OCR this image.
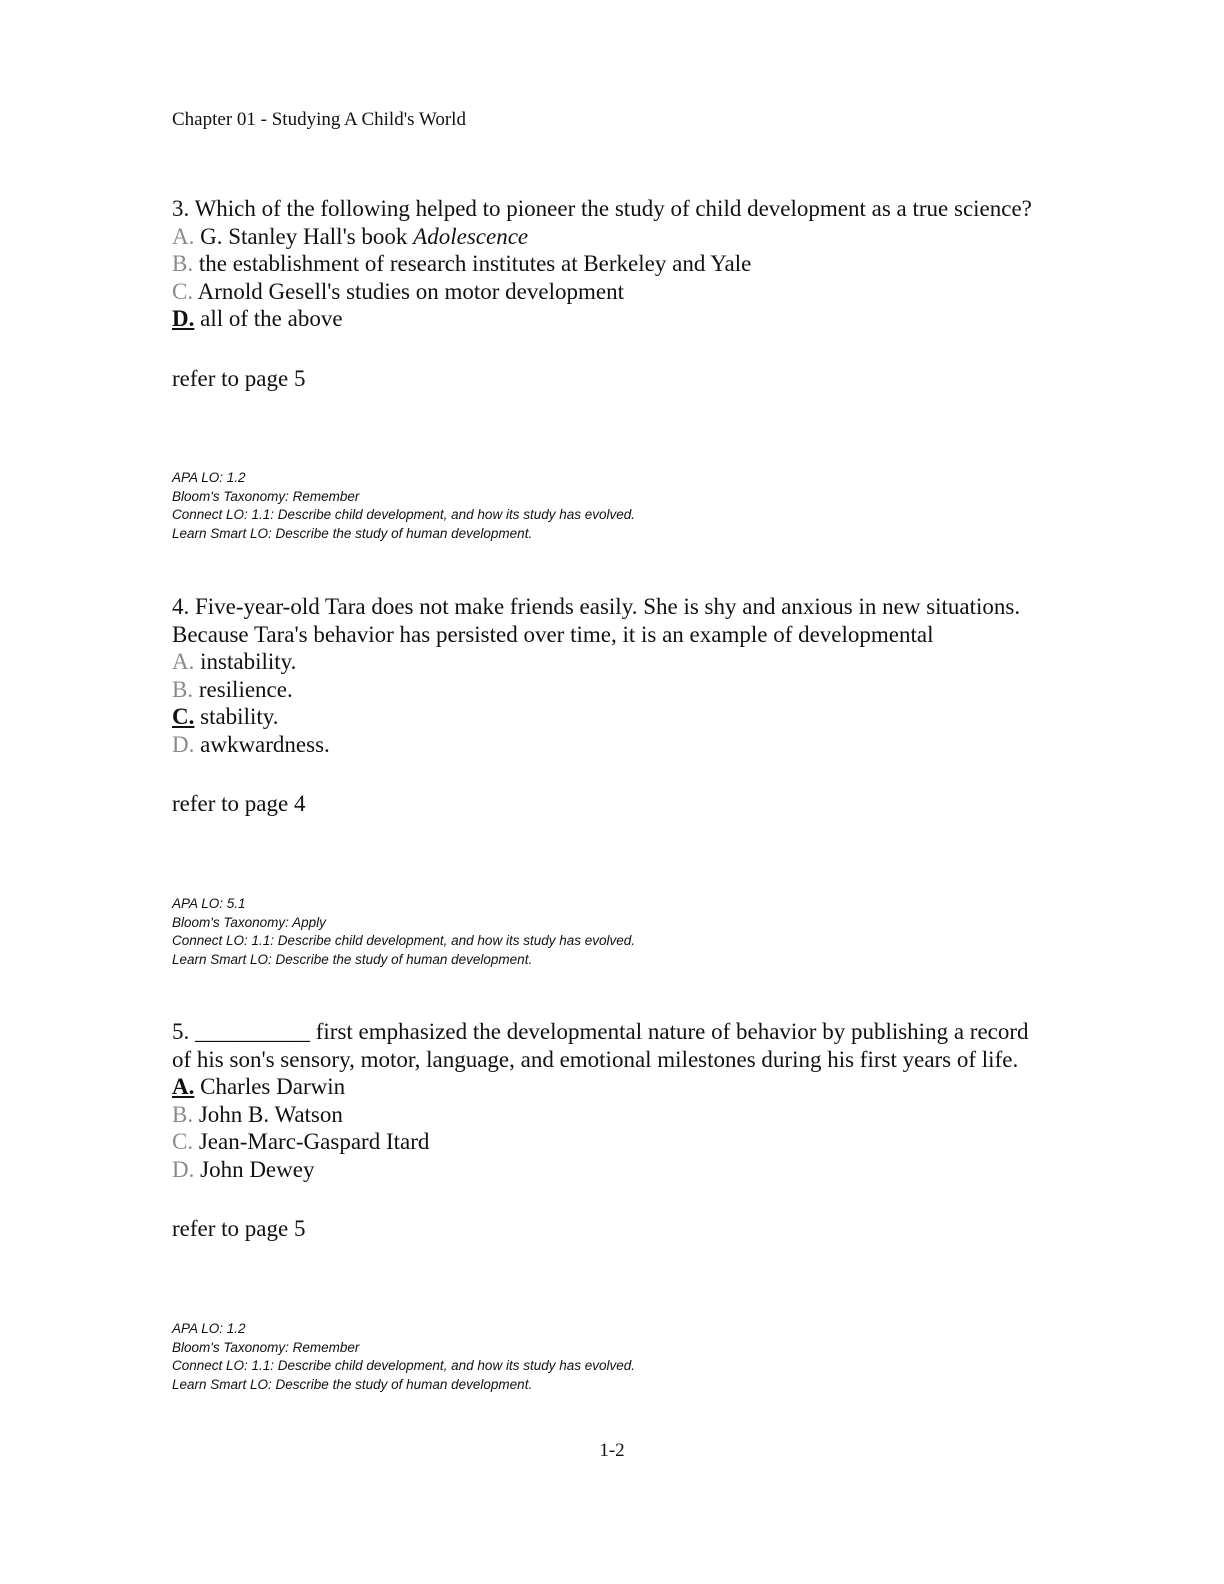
Chapter 01 - Studying A Child's World

3. Which of the following helped to pioneer the study of child development as a true science?

A. G. Stanley Hall's book Adolescence

B. the establishment of research institutes at Berkeley and Yale

C. Arnold Gesell's studies on motor development

D. all of the above

refer to page 5

APA LO: 1.2
Bloom's Taxonomy: Remember
Connect LO: 1.1: Describe child development, and how its study has evolved.
Learn Smart LO: Describe the study of human development.

4. Five-year-old Tara does not make friends easily. She is shy and anxious in new situations.

Because Tara's behavior has persisted over time, it is an example of developmental

A. instability.

B. resilience.

C. stability.

D. awkwardness.

refer to page 4

APA LO: 5.1
Bloom's Taxonomy: Apply
Connect LO: 1.1: Describe child development, and how its study has evolved.
Learn Smart LO: Describe the study of human development.

5. __________ first emphasized the developmental nature of behavior by publishing a record

of his son's sensory, motor, language, and emotional milestones during his first years of life.

A. Charles Darwin

B. John B. Watson

C. Jean-Marc-Gaspard Itard

D. John Dewey

refer to page 5

APA LO: 1.2
Bloom's Taxonomy: Remember
Connect LO: 1.1: Describe child development, and how its study has evolved.
Learn Smart LO: Describe the study of human development.
1-2
